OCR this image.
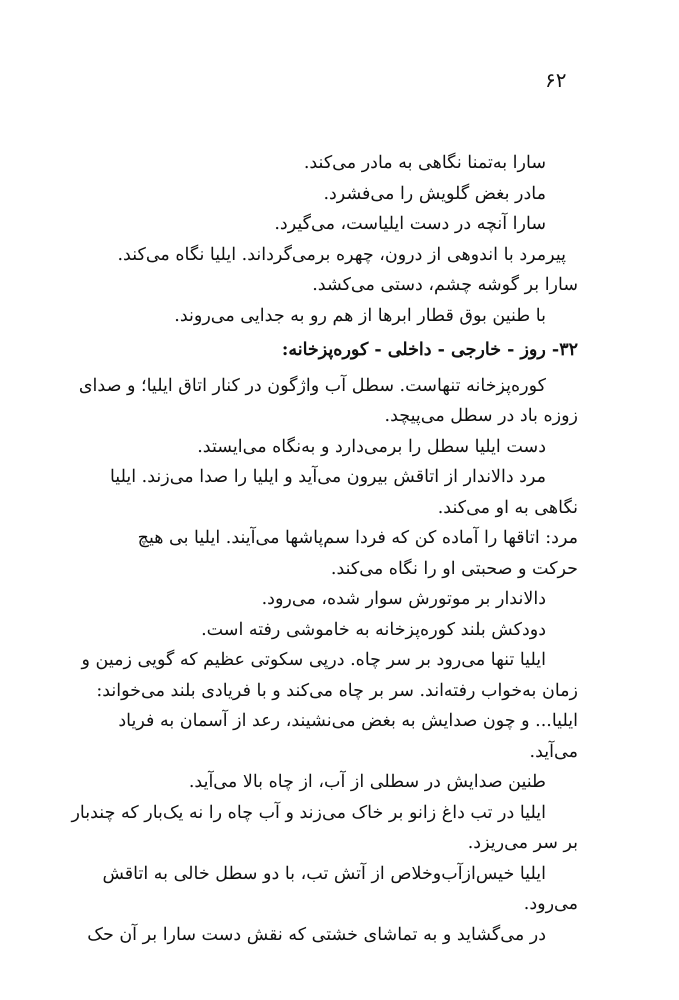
۶۲
سارا به‌تمنا نگاهی به مادر می‌کند.
مادر بغض گلویش را می‌فشرد.
سارا آنچه در دست ایلیاست، می‌گیرد.
پیرمرد با اندوهی از درون، چهره برمی‌گرداند. ایلیا نگاه می‌کند.
سارا بر گوشه چشم، دستی می‌کشد.
با طنین بوق قطار ابرها از هم رو به جدایی می‌روند.
۳۲- روز - خارجی - داخلی - کوره‌پزخانه:
کوره‌پزخانه تنهاست. سطل آب واژگون در کنار اتاق ایلیا؛ و صدای
زوزه باد در سطل می‌پیچد.
دست ایلیا سطل را برمی‌دارد و به‌نگاه می‌ایستد.
مرد دالاندار از اتاقش بیرون می‌آید و ایلیا را صدا می‌زند. ایلیا
نگاهی به او می‌کند.
مرد: اتاقها را آماده کن که فردا سم‌پاشها می‌آیند. ایلیا بی هیچ
حرکت و صحبتی او را نگاه می‌کند.
دالاندار بر موتورش سوار شده، می‌رود.
دودکش بلند کوره‌پزخانه به خاموشی رفته است.
ایلیا تنها می‌رود بر سر چاه. درپی سکوتی عظیم که گویی زمین و
زمان به‌خواب رفته‌اند. سر بر چاه می‌کند و با فریادی بلند می‌خواند:
ایلیا... و چون صدایش به بغض می‌نشیند، رعد از آسمان به فریاد
می‌آید.
طنین صدایش در سطلی از آب، از چاه بالا می‌آید.
ایلیا در تب داغ زانو بر خاک می‌زند و آب چاه را نه یک‌بار که چندبار
بر سر می‌ریزد.
ایلیا خیس‌ازآب‌وخلاص از آتش تب، با دو سطل خالی به اتاقش
می‌رود.
در می‌گشاید و به تماشای خشتی که نقش دست سارا بر آن حک
